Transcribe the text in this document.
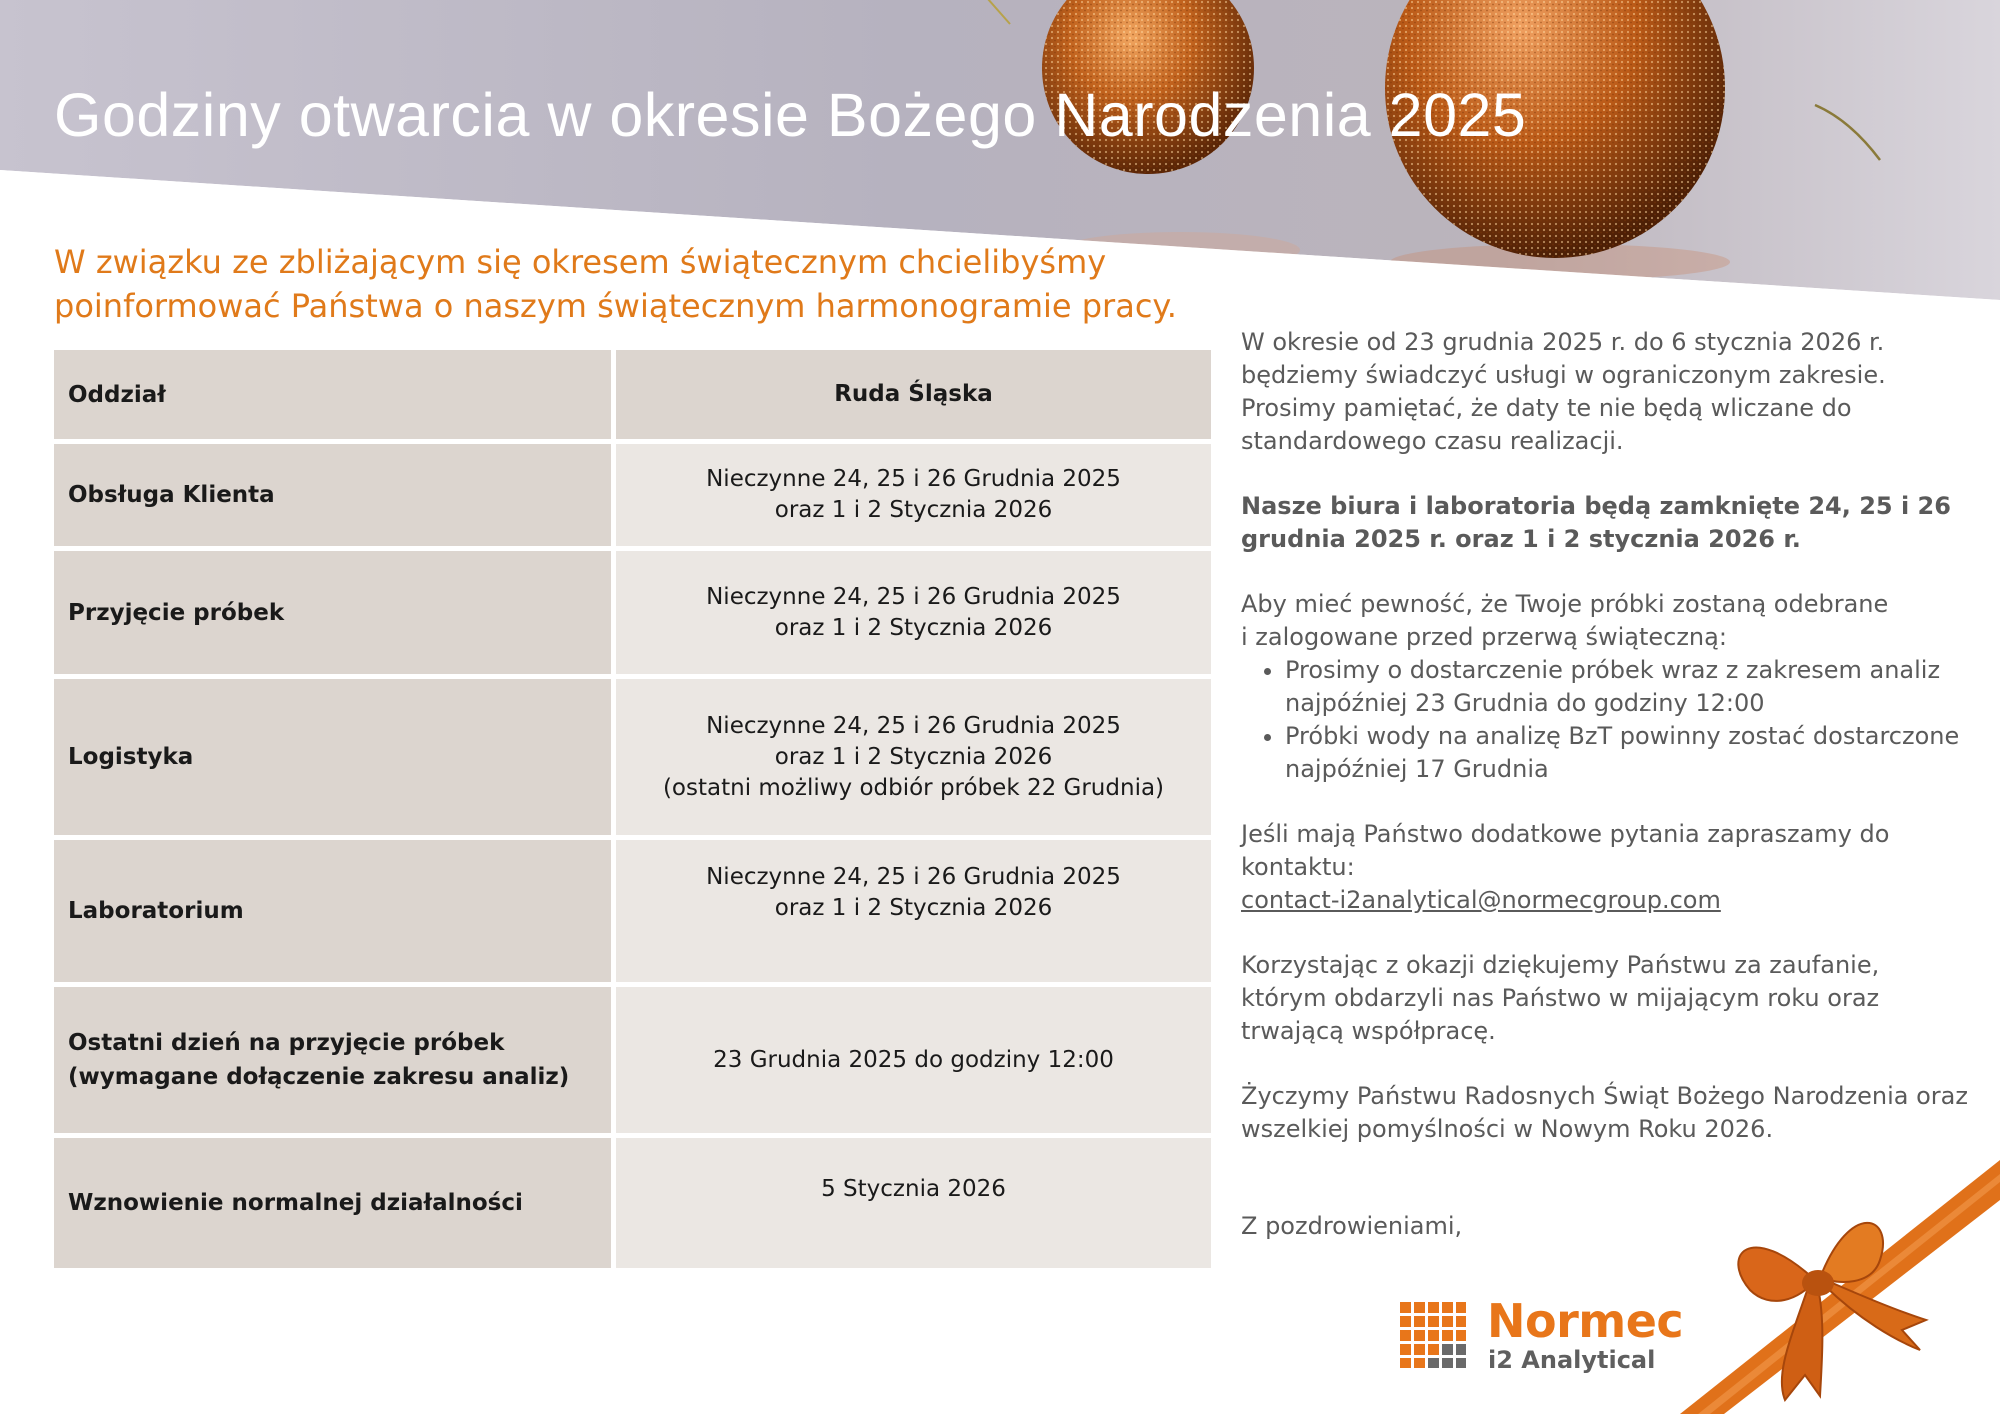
Godziny otwarcia w okresie Bożego Narodzenia 2025

W związku ze zbliżającym się okresem świątecznym chcielibyśmy
poinformować Państwa o naszym świątecznym harmonogramie pracy.

Oddział	Ruda Śląska
Obsługa Klienta
Nieczynne 24, 25 i 26 Grudnia 2025
oraz 1 i 2 Stycznia 2026
Przyjęcie próbek
Nieczynne 24, 25 i 26 Grudnia 2025
oraz 1 i 2 Stycznia 2026
Logistyka
Nieczynne 24, 25 i 26 Grudnia 2025
oraz 1 i 2 Stycznia 2026
(ostatni możliwy odbiór próbek 22 Grudnia)
Laboratorium
Nieczynne 24, 25 i 26 Grudnia 2025
oraz 1 i 2 Stycznia 2026
Ostatni dzień na przyjęcie próbek
(wymagane dołączenie zakresu analiz)
23 Grudnia 2025 do godziny 12:00
Wznowienie normalnej działalności
5 Stycznia 2026

W okresie od 23 grudnia 2025 r. do 6 stycznia 2026 r. będziemy świadczyć usługi w ograniczonym zakresie. Prosimy pamiętać, że daty te nie będą wliczane do standardowego czasu realizacji.

Nasze biura i laboratoria będą zamknięte 24, 25 i 26 grudnia 2025 r. oraz 1 i 2 stycznia 2026 r.

Aby mieć pewność, że Twoje próbki zostaną odebrane
i zalogowane przed przerwą świąteczną:

• Prosimy o dostarczenie próbek wraz z zakresem analiz najpóźniej 23 Grudnia do godziny 12:00
• Próbki wody na analizę BzT powinny zostać dostarczone najpóźniej 17 Grudnia

Jeśli mają Państwo dodatkowe pytania zapraszamy do kontaktu:

contact-i2analytical@normecgroup.com

Korzystając z okazji dziękujemy Państwu za zaufanie, którym obdarzyli nas Państwo w mijającym roku oraz trwającą współpracę.

Życzymy Państwu Radosnych Świąt Bożego Narodzenia oraz wszelkiej pomyślności w Nowym Roku 2026.

Z pozdrowieniami,

Normec
i2 Analytical
